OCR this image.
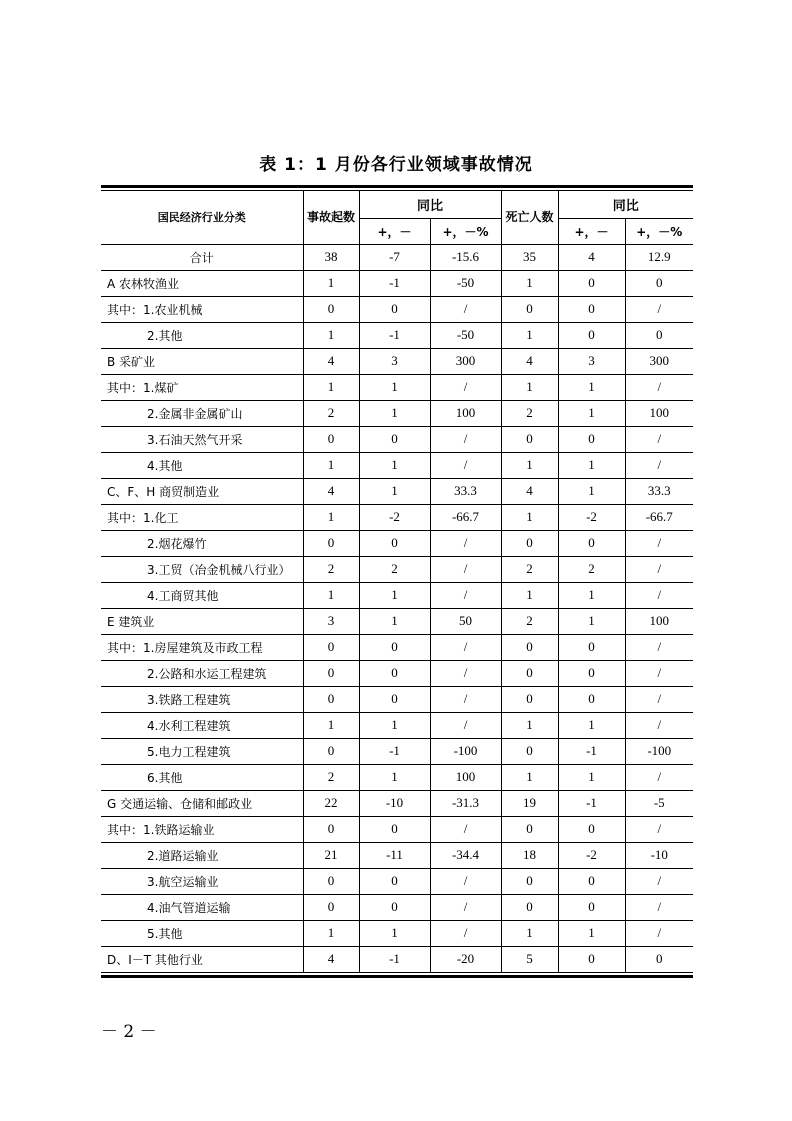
表 1：1 月份各行业领域事故情况
国民经济行业分类	事故起数	同比		死亡人数	同比	
		+，－	+，－%		+，－	+，－%
合计	38	-7	-15.6	35	4	12.9
A 农林牧渔业	1	-1	-50	1	0	0
其中：1.农业机械	0	0	/	0	0	/
2.其他	1	-1	-50	1	0	0
B 采矿业	4	3	300	4	3	300
其中：1.煤矿	1	1	/	1	1	/
2.金属非金属矿山	2	1	100	2	1	100
3.石油天然气开采	0	0	/	0	0	/
4.其他	1	1	/	1	1	/
C、F、H 商贸制造业	4	1	33.3	4	1	33.3
其中：1.化工	1	-2	-66.7	1	-2	-66.7
2.烟花爆竹	0	0	/	0	0	/
3.工贸（冶金机械八行业）	2	2	/	2	2	/
4.工商贸其他	1	1	/	1	1	/
E 建筑业	3	1	50	2	1	100
其中：1.房屋建筑及市政工程	0	0	/	0	0	/
2.公路和水运工程建筑	0	0	/	0	0	/
3.铁路工程建筑	0	0	/	0	0	/
4.水利工程建筑	1	1	/	1	1	/
5.电力工程建筑	0	-1	-100	0	-1	-100
6.其他	2	1	100	1	1	/
G 交通运输、仓储和邮政业	22	-10	-31.3	19	-1	-5
其中：1.铁路运输业	0	0	/	0	0	/
2.道路运输业	21	-11	-34.4	18	-2	-10
3.航空运输业	0	0	/	0	0	/
4.油气管道运输	0	0	/	0	0	/
5.其他	1	1	/	1	1	/
D、I－T 其他行业	4	-1	-20	5	0	0
－ 2 －
